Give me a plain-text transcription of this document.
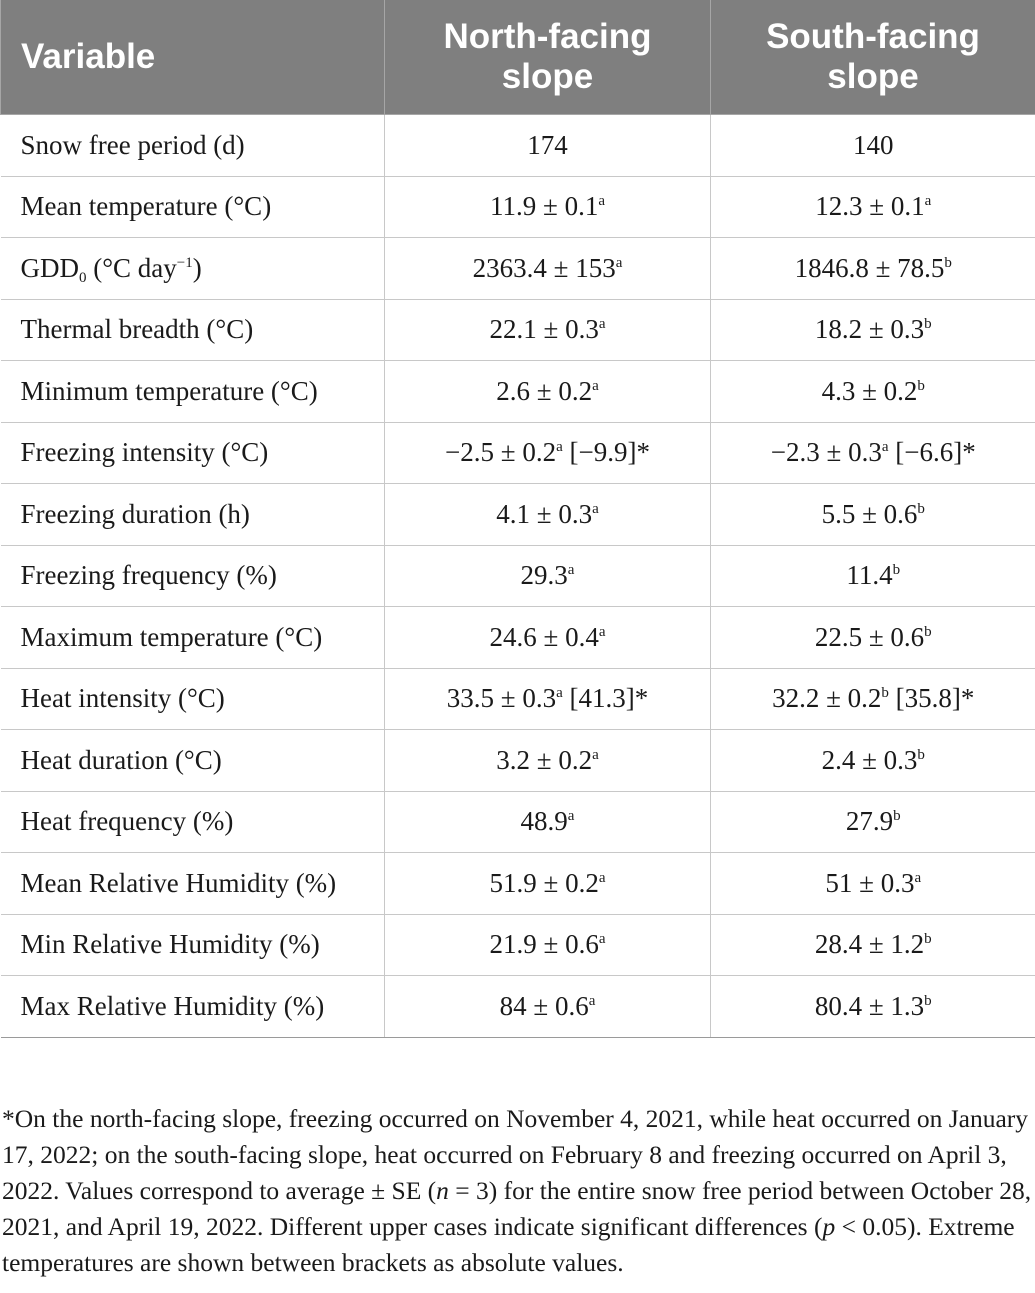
Variable	North-facing slope	South-facing slope

Snow free period (d)	174	140
Mean temperature (°C)	11.9 ± 0.1$^a$	12.3 ± 0.1$^a$
$GDD_0$ (°C day$^{-1}$)	$2363.4 \pm 153^a$	1846.8 ± 78.5$^b$
Thermal breadth (°C)	22.1 ± 0.3$^a$	18.2 ± 0.3$^b$
Minimum temperature (°C)	2.6 ± 0.2$^a$	4.3 ± 0.2$^b$
Freezing intensity (°C)	−2.5 ± 0.2$^a$ [−9.9]*	−2.3 ± 0.3$^a$ [−6.6]*
Freezing duration (h)	4.1 ± 0.3$^a$	5.5 ± 0.6$^b$
Freezing frequency (%)	29.3$^a$	11.4$^b$
Maximum temperature (°C)	24.6 ± 0.4$^a$	22.5 ± 0.6$^b$
Heat intensity (°C)	33.5 ± 0.3$^a$ [41.3]*	32.2 ± 0.2$^b$ [35.8]*
Heat duration (°C)	3.2 ± 0.2$^a$	2.4 ± 0.3$^b$
Heat frequency (%)	48.9$^a$	27.9$^b$
Mean Relative Humidity (%)	51.9 ± 0.2$^a$	51 ± 0.3$^a$
Min Relative Humidity (%)	21.9 ± 0.6$^a$	28.4 ± 1.2$^b$
Max Relative Humidity (%)	84 ± 0.6$^a$	80.4 ± 1.3$^b$

*On the north-facing slope, freezing occurred on November 4, 2021, while heat occurred on January 17, 2022; on the south-facing slope, heat occurred on February 8 and freezing occurred on April 3, 2022. Values correspond to average ± SE (n = 3) for the entire snow free period between October 28, 2021, and April 19, 2022. Different upper cases indicate significant differences (p < 0.05). Extreme temperatures are shown between brackets as absolute values.
